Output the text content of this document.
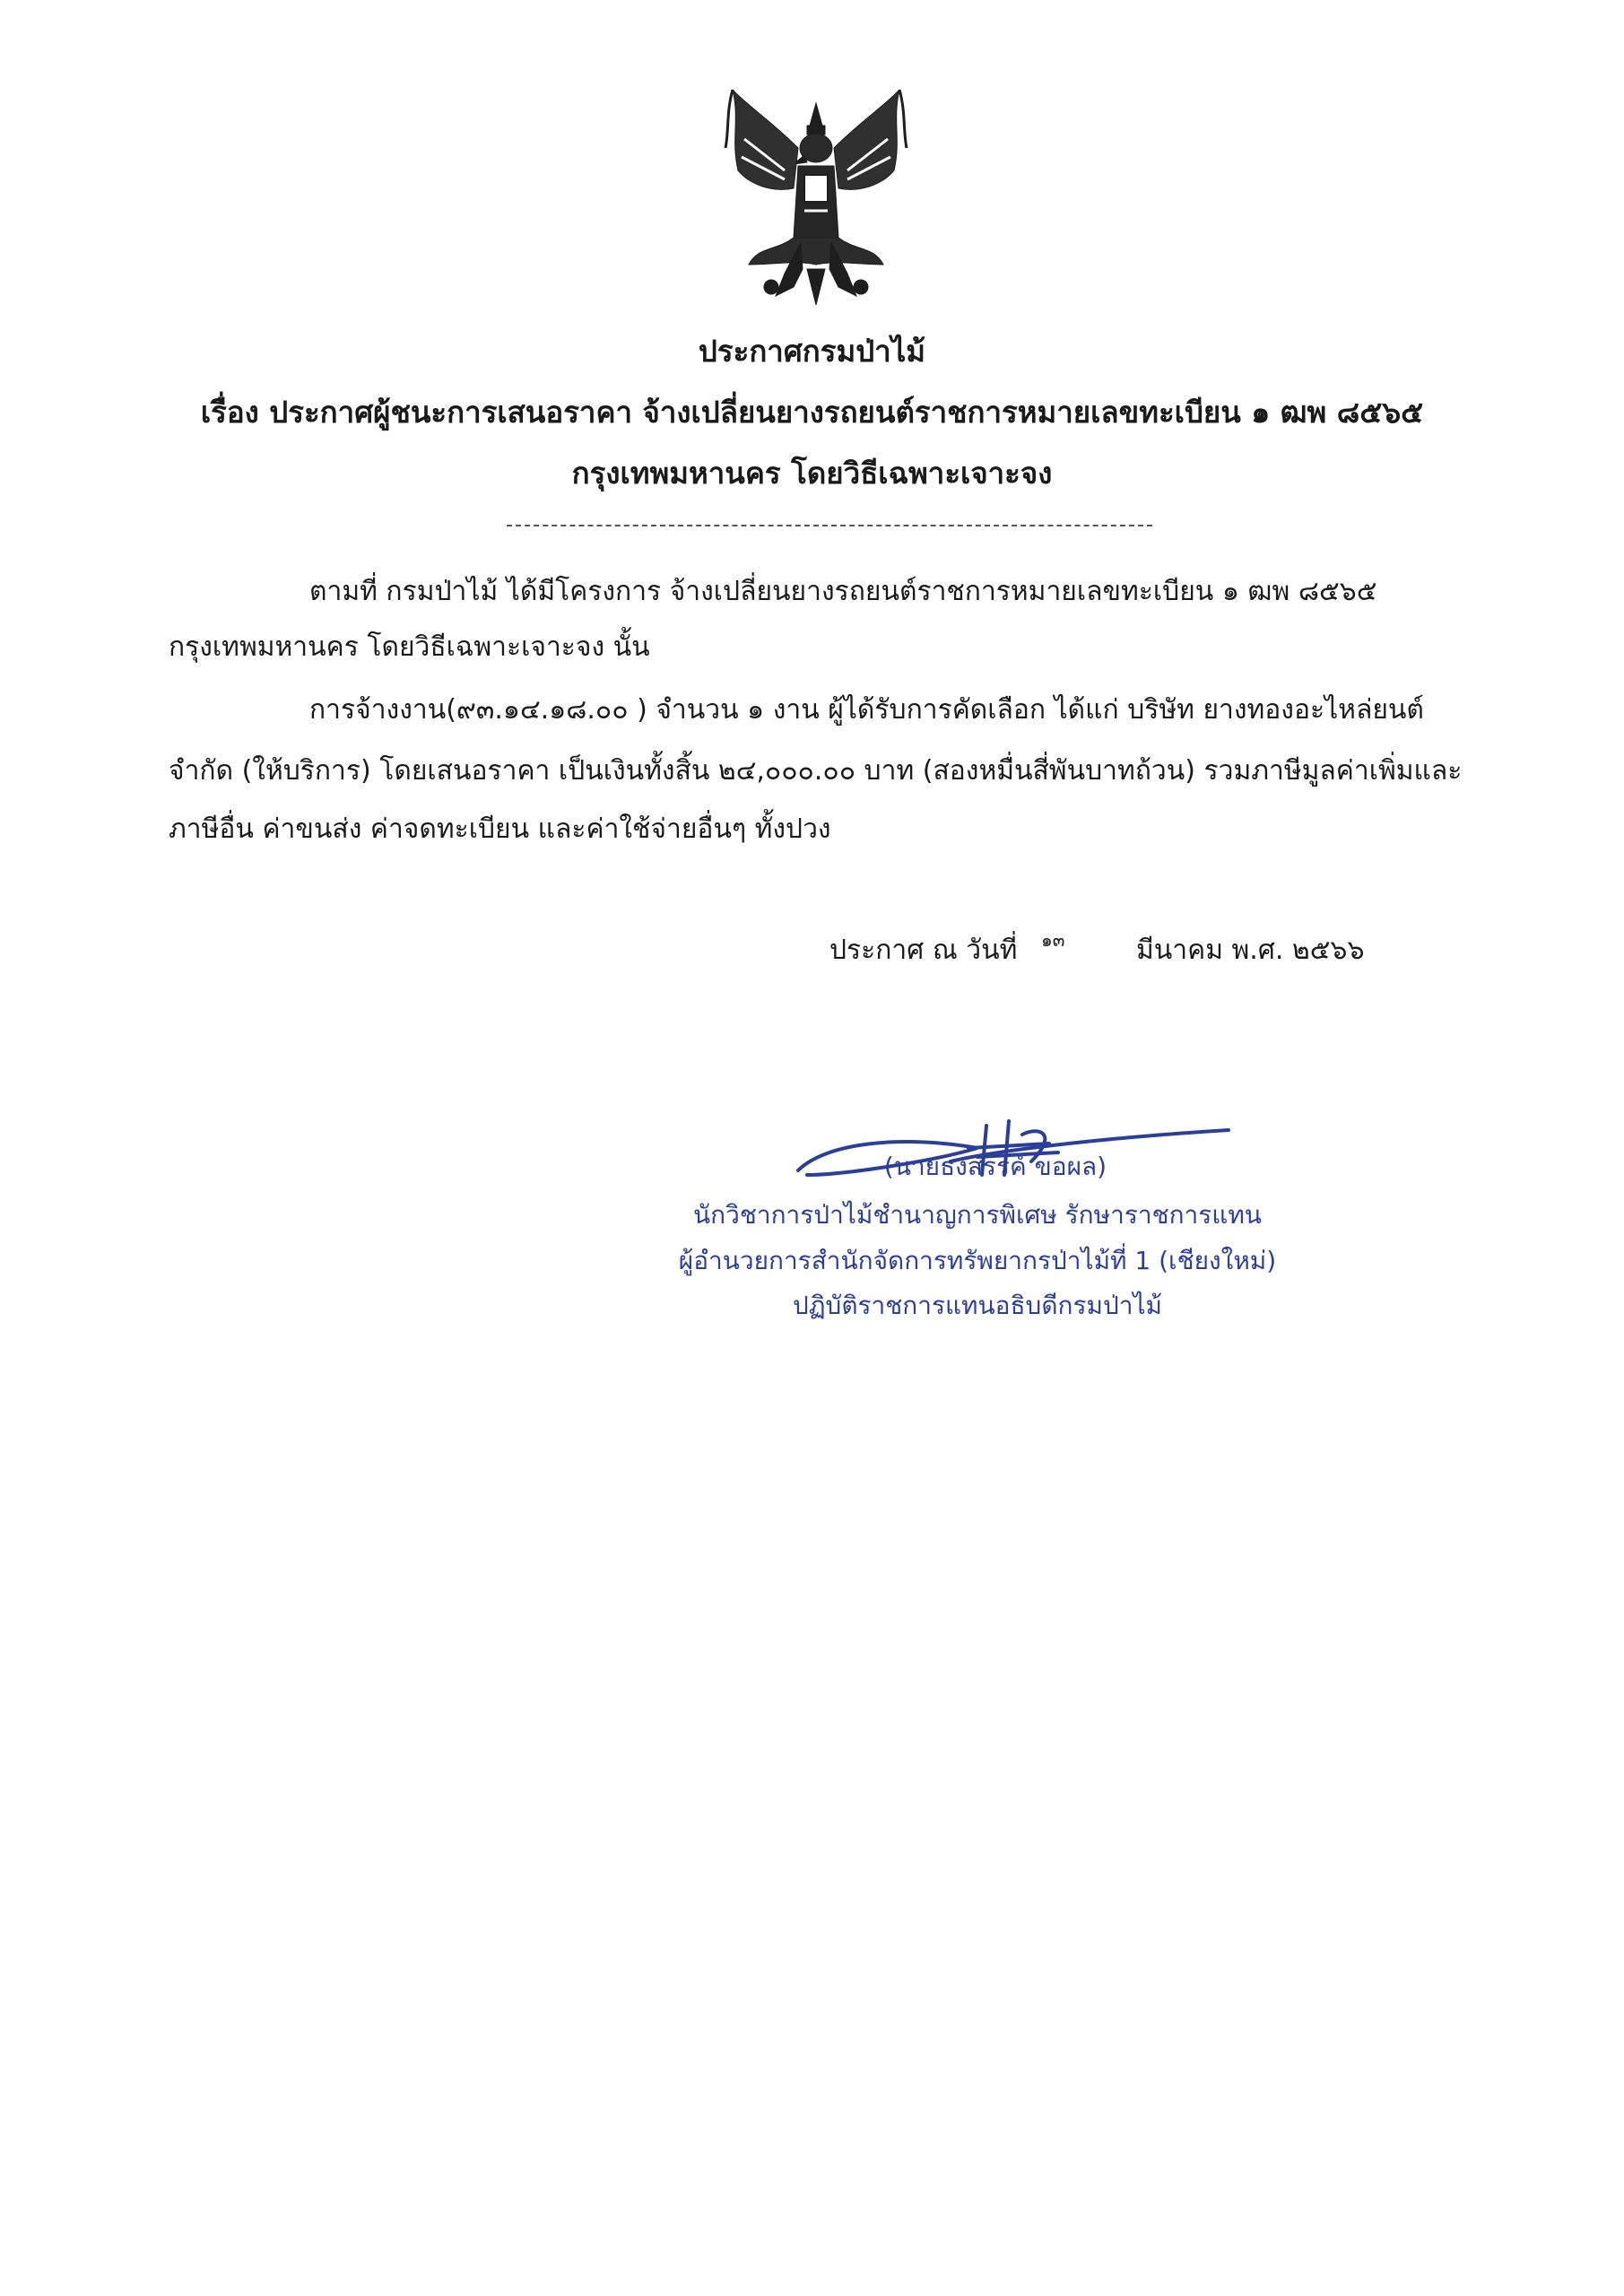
ประกาศกรมป่าไม้
เรื่อง ประกาศผู้ชนะการเสนอราคา จ้างเปลี่ยนยางรถยนต์ราชการหมายเลขทะเบียน ๑ ฒพ ๘๕๖๕
กรุงเทพมหานคร โดยวิธีเฉพาะเจาะจง
ตามที่ กรมป่าไม้ ได้มีโครงการ จ้างเปลี่ยนยางรถยนต์ราชการหมายเลขทะเบียน ๑ ฒพ ๘๕๖๕
กรุงเทพมหานคร โดยวิธีเฉพาะเจาะจง นั้น
การจ้างงาน(๙๓.๑๔.๑๘.๐๐ ) จำนวน ๑ งาน ผู้ได้รับการคัดเลือก ได้แก่ บริษัท ยางทองอะไหล่ยนต์
จำกัด (ให้บริการ) โดยเสนอราคา เป็นเงินทั้งสิ้น ๒๔,๐๐๐.๐๐ บาท (สองหมื่นสี่พันบาทถ้วน) รวมภาษีมูลค่าเพิ่มและ
ภาษีอื่น ค่าขนส่ง ค่าจดทะเบียน และค่าใช้จ่ายอื่นๆ ทั้งปวง
ประกาศ ณ วันที่	มีนาคม พ.ศ. ๒๕๖๖
๑๓
(นายธงสรรค์ ขอผล)
นักวิชาการป่าไม้ชำนาญการพิเศษ รักษาราชการแทน
ผู้อำนวยการสำนักจัดการทรัพยากรป่าไม้ที่ 1 (เชียงใหม่)
ปฏิบัติราชการแทนอธิบดีกรมป่าไม้
